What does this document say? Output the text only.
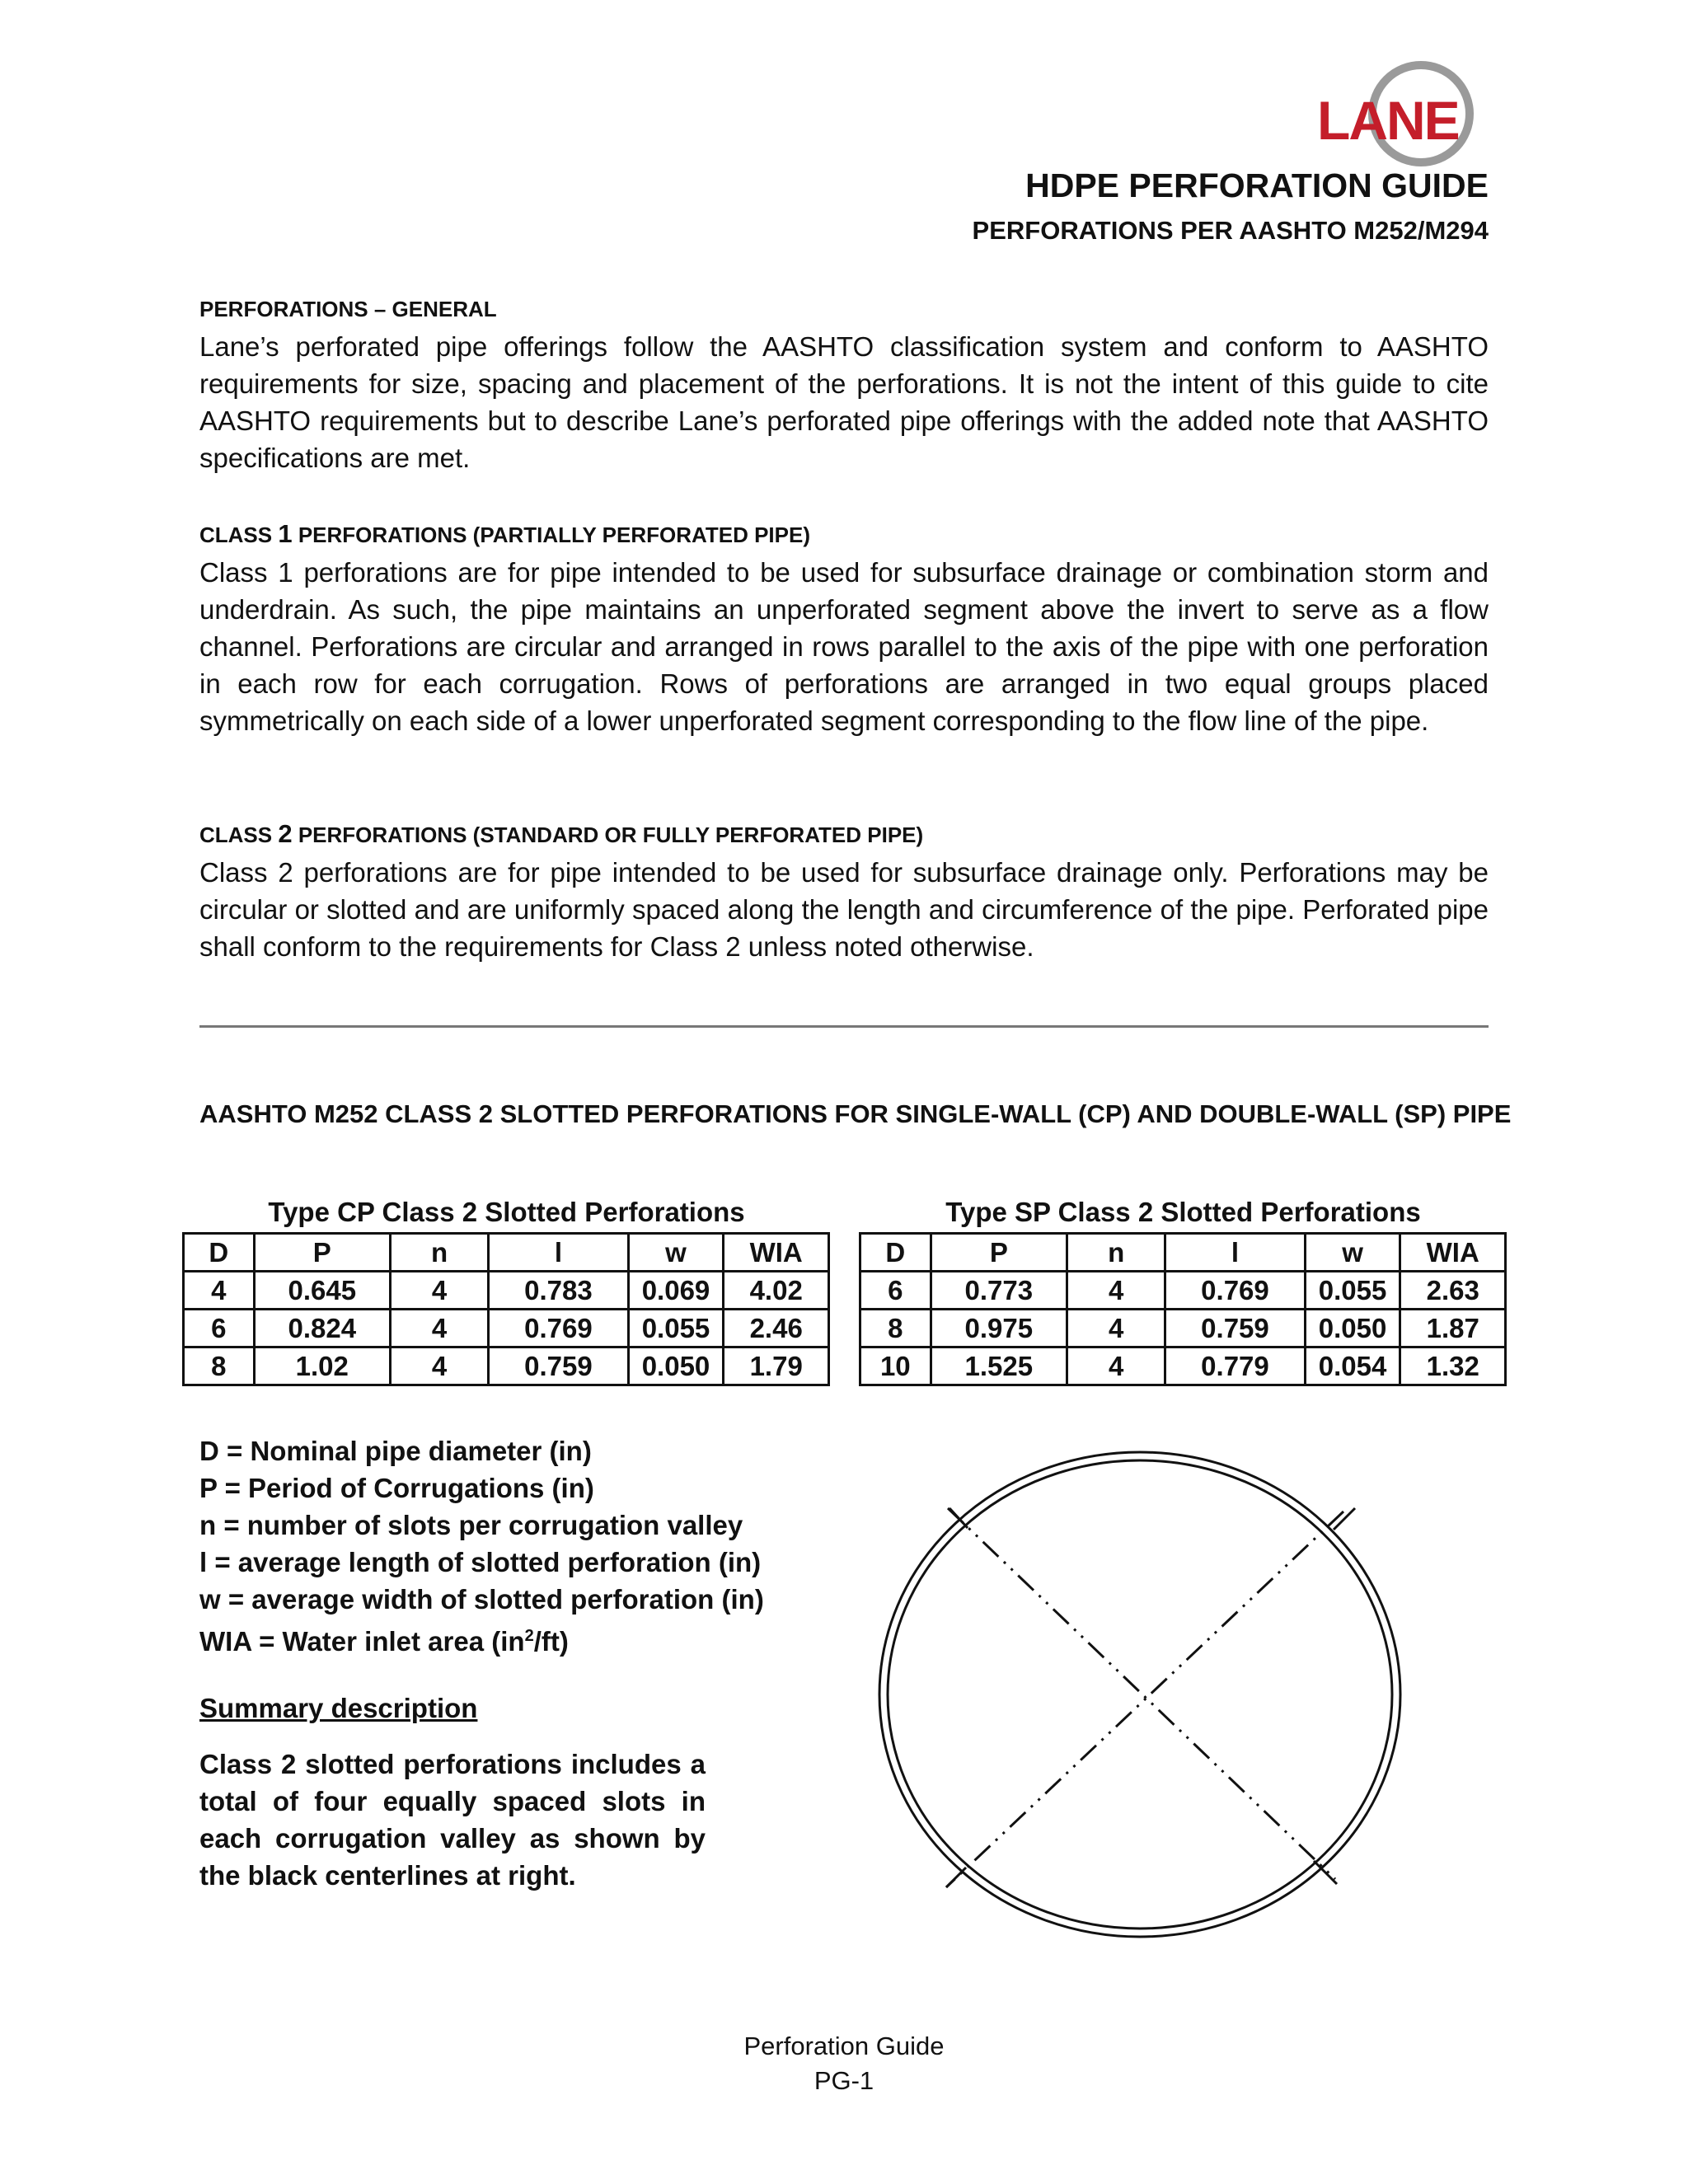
LANE
HDPE PERFORATION GUIDE
PERFORATIONS PER AASHTO M252/M294
PERFORATIONS – GENERAL
Lane’s perforated pipe offerings follow the AASHTO classification system and conform to AASHTO requirements for size, spacing and placement of the perforations. It is not the intent of this guide to cite AASHTO requirements but to describe Lane’s perforated pipe offerings with the added note that AASHTO specifications are met.
CLASS 1 PERFORATIONS (PARTIALLY PERFORATED PIPE)
Class 1 perforations are for pipe intended to be used for subsurface drainage or combination storm and underdrain. As such, the pipe maintains an unperforated segment above the invert to serve as a flow channel. Perforations are circular and arranged in rows parallel to the axis of the pipe with one perforation in each row for each corrugation. Rows of perforations are arranged in two equal groups placed symmetrically on each side of a lower unperforated segment corresponding to the flow line of the pipe.
CLASS 2 PERFORATIONS (STANDARD OR FULLY PERFORATED PIPE)
Class 2 perforations are for pipe intended to be used for subsurface drainage only. Perforations may be circular or slotted and are uniformly spaced along the length and circumference of the pipe. Perforated pipe shall conform to the requirements for Class 2 unless noted otherwise.
AASHTO M252 CLASS 2 SLOTTED PERFORATIONS FOR SINGLE-WALL (CP) AND DOUBLE-WALL (SP) PIPE
Type CP Class 2 Slotted Perforations
D	P	n	l	w	WIA
4	0.645	4	0.783	0.069	4.02
6	0.824	4	0.769	0.055	2.46
8	1.02	4	0.759	0.050	1.79
Type SP Class 2 Slotted Perforations
D	P	n	l	w	WIA
6	0.773	4	0.769	0.055	2.63
8	0.975	4	0.759	0.050	1.87
10	1.525	4	0.779	0.054	1.32
D = Nominal pipe diameter (in)
P = Period of Corrugations (in)
n = number of slots per corrugation valley
l = average length of slotted perforation (in)
w = average width of slotted perforation (in)
WIA = Water inlet area $(in^2/ft)$
Summary description
Class 2 slotted perforations includes a total of four equally spaced slots in each corrugation valley as shown by the black centerlines at right.
Perforation Guide
PG-1
